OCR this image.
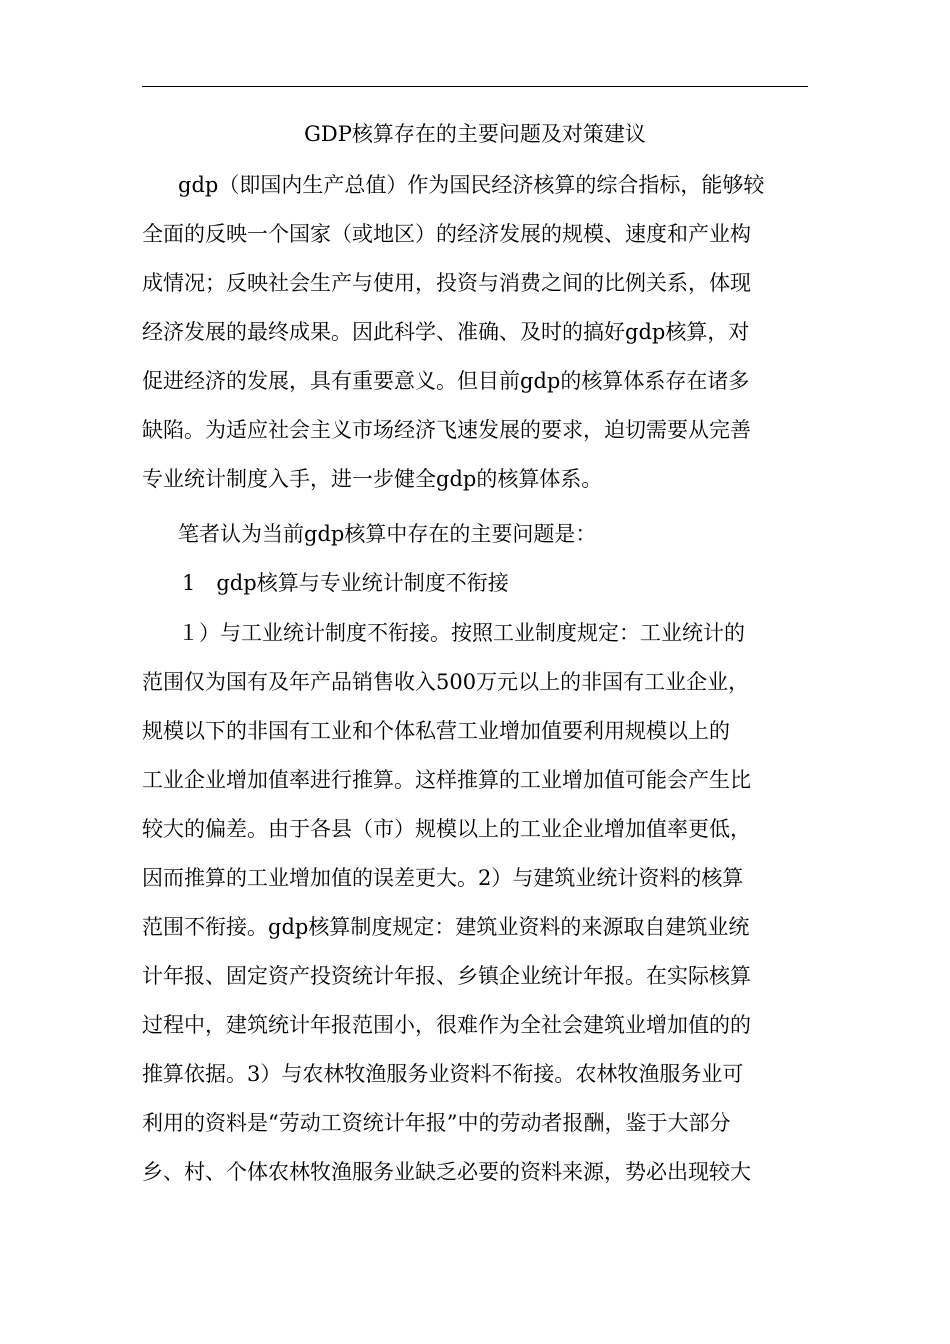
GDP核算存在的主要问题及对策建议
gdp（即国内生产总值）作为国民经济核算的综合指标，能够较
全面的反映一个国家（或地区）的经济发展的规模、速度和产业构
成情况；反映社会生产与使用，投资与消费之间的比例关系，体现
经济发展的最终成果。因此科学、准确、及时的搞好gdp核算，对
促进经济的发展，具有重要意义。但目前gdp的核算体系存在诸多
缺陷。为适应社会主义市场经济飞速发展的要求，迫切需要从完善
专业统计制度入手，进一步健全gdp的核算体系。
笔者认为当前gdp核算中存在的主要问题是：
1　gdp核算与专业统计制度不衔接
１）与工业统计制度不衔接。按照工业制度规定：工业统计的
范围仅为国有及年产品销售收入500万元以上的非国有工业企业，
规模以下的非国有工业和个体私营工业增加值要利用规模以上的
工业企业增加值率进行推算。这样推算的工业增加值可能会产生比
较大的偏差。由于各县（市）规模以上的工业企业增加值率更低，
因而推算的工业增加值的误差更大。2）与建筑业统计资料的核算
范围不衔接。gdp核算制度规定：建筑业资料的来源取自建筑业统
计年报、固定资产投资统计年报、乡镇企业统计年报。在实际核算
过程中，建筑统计年报范围小，很难作为全社会建筑业增加值的的
推算依据。3）与农林牧渔服务业资料不衔接。农林牧渔服务业可
利用的资料是“劳动工资统计年报”中的劳动者报酬，鉴于大部分
乡、村、个体农林牧渔服务业缺乏必要的资料来源，势必出现较大
